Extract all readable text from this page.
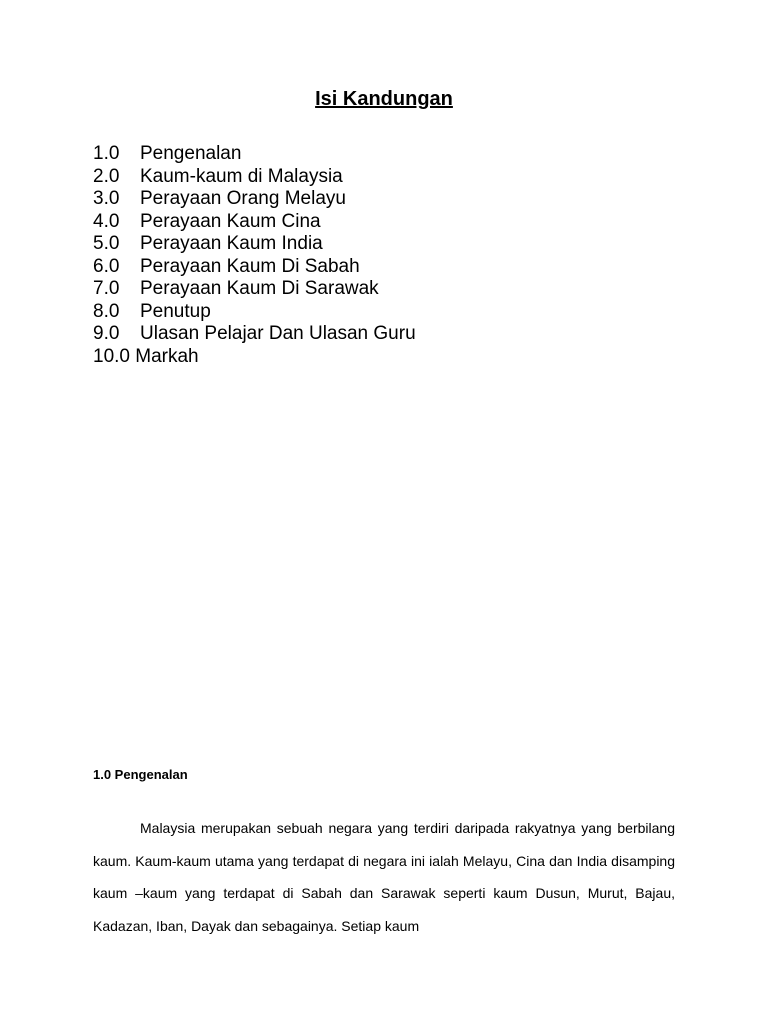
Isi Kandungan
1.0 Pengenalan
2.0 Kaum-kaum di Malaysia
3.0 Perayaan Orang Melayu
4.0 Perayaan Kaum Cina
5.0 Perayaan Kaum India
6.0 Perayaan Kaum Di Sabah
7.0 Perayaan Kaum Di Sarawak
8.0 Penutup
9.0 Ulasan Pelajar Dan Ulasan Guru
10.0 Markah
1.0 Pengenalan

Malaysia merupakan sebuah negara yang terdiri daripada rakyatnya yang berbilang kaum. Kaum-kaum utama yang terdapat di negara ini ialah Melayu, Cina dan India disamping kaum –kaum yang terdapat di Sabah dan Sarawak seperti kaum Dusun, Murut, Bajau, Kadazan, Iban, Dayak dan sebagainya. Setiap kaum
